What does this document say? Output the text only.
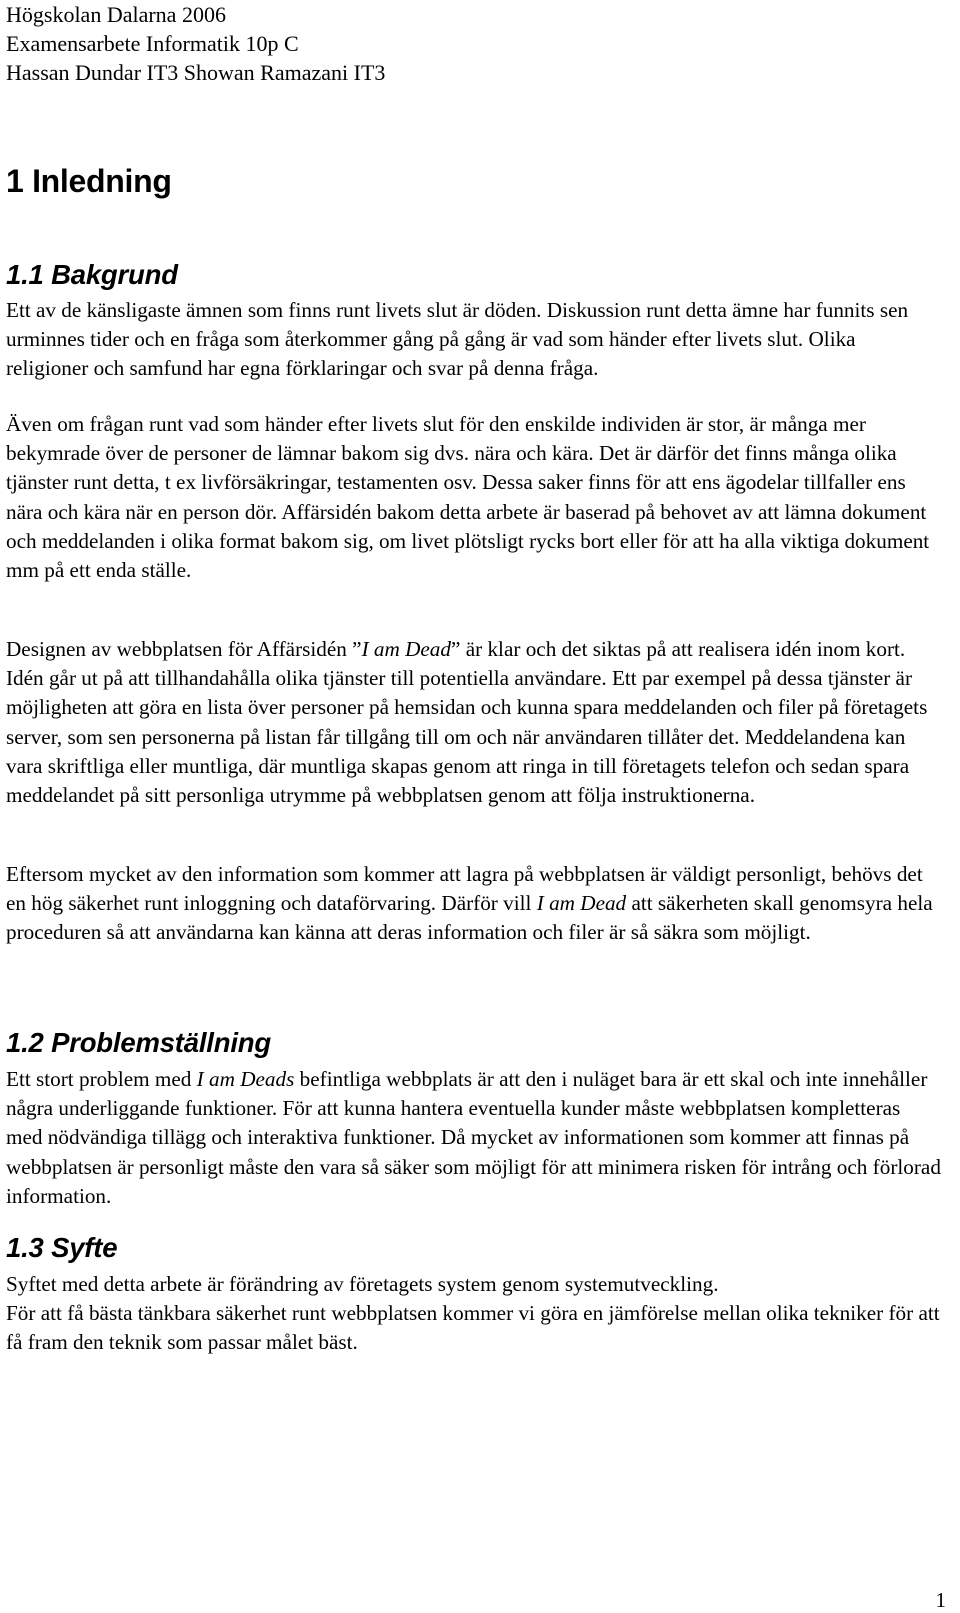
Högskolan Dalarna 2006

Examensarbete Informatik 10p C

Hassan Dundar IT3 Showan Ramazani IT3

1 Inledning
1.1 Bakgrund

Ett av de känsligaste ämnen som finns runt livets slut är döden. Diskussion runt detta ämne har funnits sen urminnes tider och en fråga som återkommer gång på gång är vad som händer efter livets slut. Olika religioner och samfund har egna förklaringar och svar på denna fråga.

Även om frågan runt vad som händer efter livets slut för den enskilde individen är stor, är många mer bekymrade över de personer de lämnar bakom sig dvs. nära och kära. Det är därför det finns många olika tjänster runt detta, t ex livförsäkringar, testamenten osv. Dessa saker finns för att ens ägodelar tillfaller ens nära och kära när en person dör. Affärsidén bakom detta arbete är baserad på behovet av att lämna dokument och meddelanden i olika format bakom sig, om livet plötsligt rycks bort eller för att ha alla viktiga dokument mm på ett enda ställe.

Designen av webbplatsen för Affärsidén ”I am Dead” är klar och det siktas på att realisera idén inom kort. Idén går ut på att tillhandahålla olika tjänster till potentiella användare. Ett par exempel på dessa tjänster är möjligheten att göra en lista över personer på hemsidan och kunna spara meddelanden och filer på företagets server, som sen personerna på listan får tillgång till om och när användaren tillåter det. Meddelandena kan vara skriftliga eller muntliga, där muntliga skapas genom att ringa in till företagets telefon och sedan spara meddelandet på sitt personliga utrymme på webbplatsen genom att följa instruktionerna.

Eftersom mycket av den information som kommer att lagra på webbplatsen är väldigt personligt, behövs det en hög säkerhet runt inloggning och dataförvaring. Därför vill I am Dead att säkerheten skall genomsyra hela proceduren så att användarna kan känna att deras information och filer är så säkra som möjligt.

1.2 Problemställning

Ett stort problem med I am Deads befintliga webbplats är att den i nuläget bara är ett skal och inte innehåller några underliggande funktioner. För att kunna hantera eventuella kunder måste webbplatsen kompletteras med nödvändiga tillägg och interaktiva funktioner. Då mycket av informationen som kommer att finnas på webbplatsen är personligt måste den vara så säker som möjligt för att minimera risken för intrång och förlorad information.

1.3 Syfte

Syftet med detta arbete är förändring av företagets system genom systemutveckling.

För att få bästa tänkbara säkerhet runt webbplatsen kommer vi göra en jämförelse mellan olika tekniker för att få fram den teknik som passar målet bäst.

1
